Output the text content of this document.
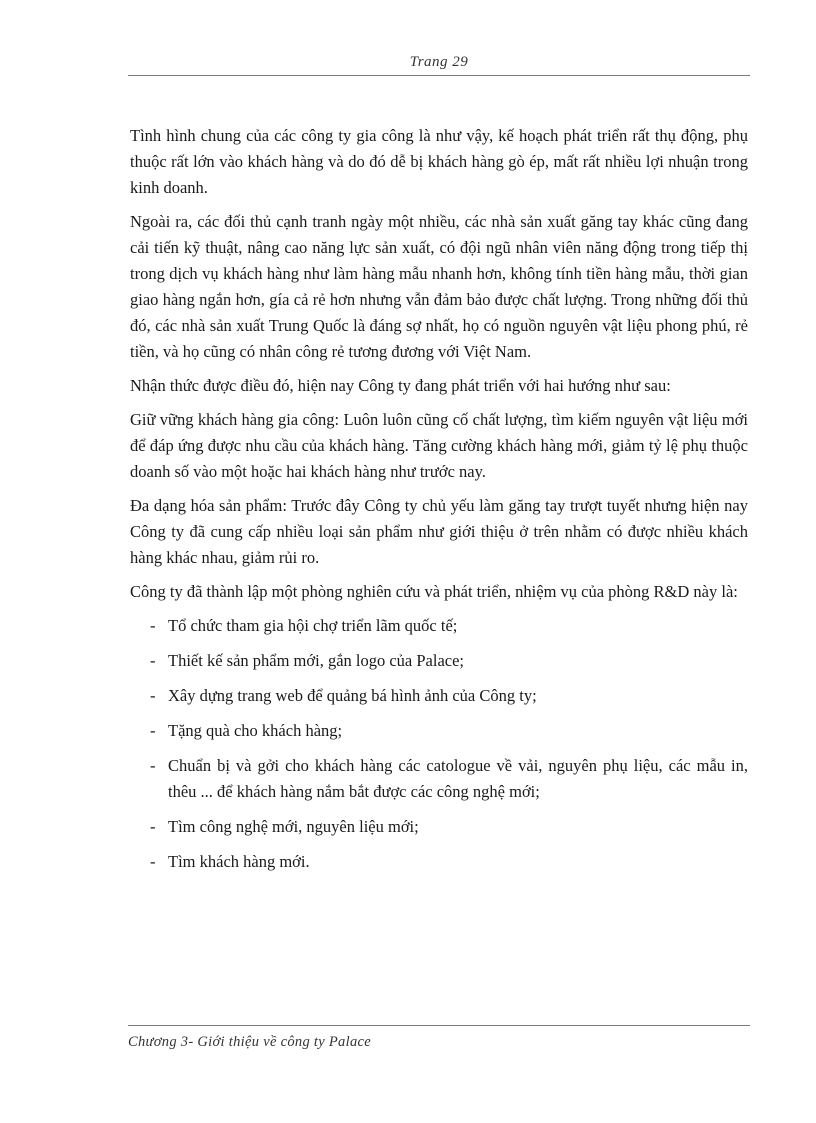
Trang 29

Tình hình chung của các công ty gia công là như vậy, kế hoạch phát triển rất thụ động, phụ thuộc rất lớn vào khách hàng và do đó dễ bị khách hàng gò ép, mất rất nhiều lợi nhuận trong kinh doanh.

Ngoài ra, các đối thủ cạnh tranh ngày một nhiều, các nhà sản xuất găng tay khác cũng đang cải tiến kỹ thuật, nâng cao năng lực sản xuất, có đội ngũ nhân viên năng động trong tiếp thị trong dịch vụ khách hàng như làm hàng mẫu nhanh hơn, không tính tiền hàng mẫu, thời gian giao hàng ngắn hơn, gía cả rẻ hơn nhưng vẫn đảm bảo được chất lượng. Trong những đối thủ đó, các nhà sản xuất Trung Quốc là đáng sợ nhất, họ có nguồn nguyên vật liệu phong phú, rẻ tiền, và họ cũng có nhân công rẻ tương đương với Việt Nam.

Nhận thức được điều đó, hiện nay Công ty đang phát triển với hai hướng như sau:

Giữ vững khách hàng gia công: Luôn luôn cũng cố chất lượng, tìm kiếm nguyên vật liệu mới để đáp ứng được nhu cầu của khách hàng. Tăng cường khách hàng mới, giảm tỷ lệ phụ thuộc doanh số vào một hoặc hai khách hàng như trước nay.

Đa dạng hóa sản phẩm: Trước đây Công ty chủ yếu làm găng tay trượt tuyết nhưng hiện nay Công ty đã cung cấp nhiều loại sản phẩm như giới thiệu ở trên nhằm có được nhiều khách hàng khác nhau, giảm rủi ro.

Công ty đã thành lập một phòng nghiên cứu và phát triển, nhiệm vụ của phòng R&D này là:

- Tổ chức tham gia hội chợ triển lãm quốc tế;
- Thiết kế sản phẩm mới, gắn logo của Palace;
- Xây dựng trang web để quảng bá hình ảnh của Công ty;
- Tặng quà cho khách hàng;
- Chuẩn bị và gởi cho khách hàng các catologue về vải, nguyên phụ liệu, các mẫu in, thêu ... để khách hàng nắm bắt được các công nghệ mới;
- Tìm công nghệ mới, nguyên liệu mới;
- Tìm khách hàng mới.
Chương 3- Giới thiệu về công ty Palace
